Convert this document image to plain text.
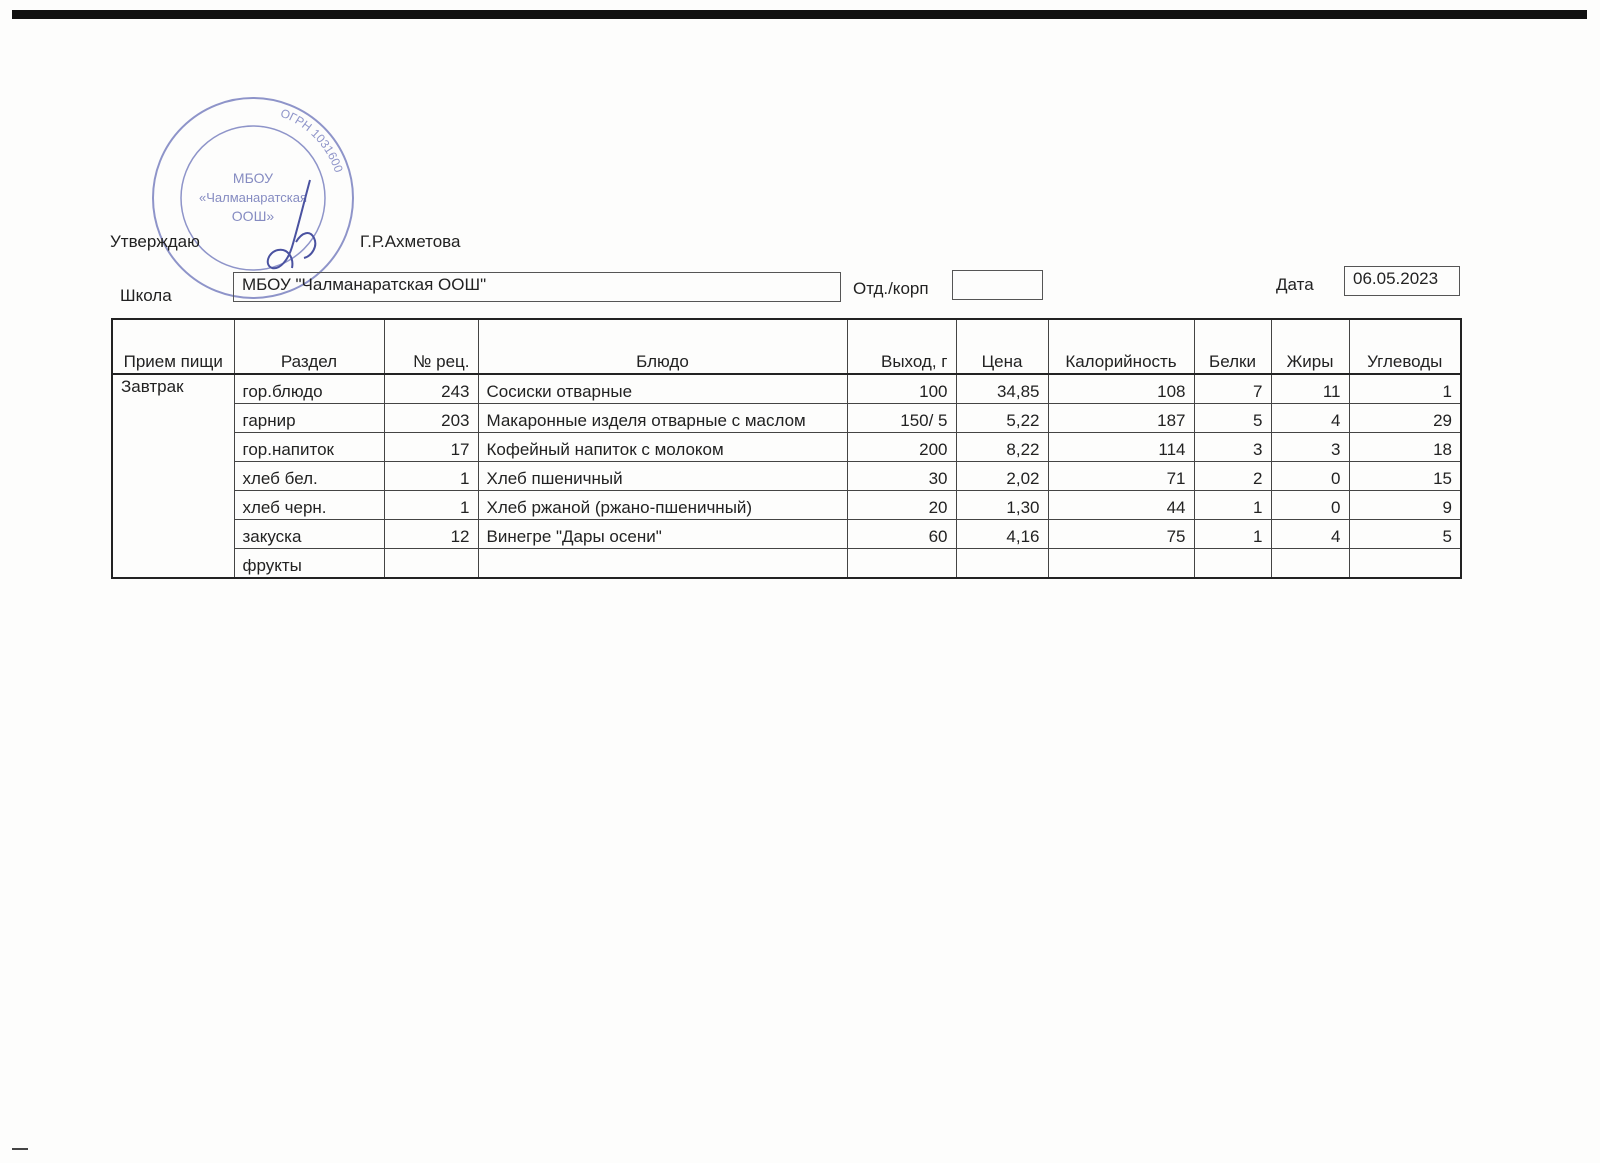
ОГРН 1031600
МБОУ
«Чалманаратская
ООШ»
Утверждаю	Г.Р.Ахметова
Школа
МБОУ "Чалманаратская ООШ"	Отд./корп	Дата	06.05.2023
Прием пищи	Раздел	№ рец.	Блюдо	Выход, г	Цена	Калорийность	Белки	Жиры	Углеводы
Завтрак	гор.блюдо	243	Сосиски отварные	100	34,85	108	7	11	1
	гарнир	203	Макаронные изделя отварные с маслом	150/ 5	5,22	187	5	4	29
	гор.напиток	17	Кофейный напиток с молоком	200	8,22	114	3	3	18
	хлеб бел.	1	Хлеб пшеничный	30	2,02	71	2	0	15
	хлеб черн.	1	Хлеб ржаной (ржано-пшеничный)	20	1,30	44	1	0	9
	закуска	12	Винегре "Дары осени"	60	4,16	75	1	4	5
	фрукты								
